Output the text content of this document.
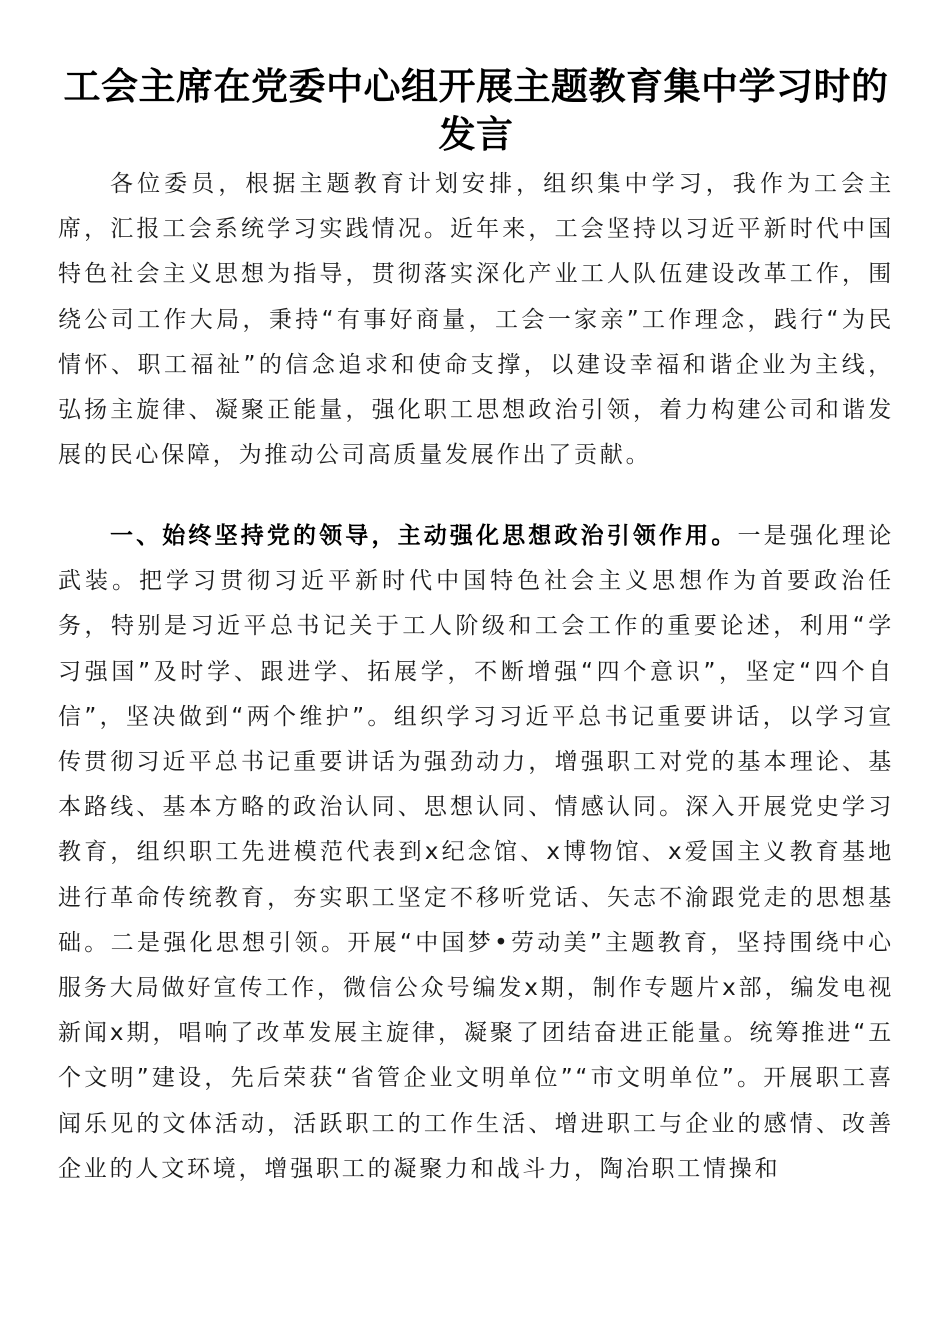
工会主席在党委中心组开展主题教育集中学习时的发言

各位委员，根据主题教育计划安排，组织集中学习，我作为工会主席，汇报工会系统学习实践情况。近年来，工会坚持以习近平新时代中国特色社会主义思想为指导，贯彻落实深化产业工人队伍建设改革工作，围绕公司工作大局，秉持“有事好商量，工会一家亲”工作理念，践行“为民情怀、职工福祉”的信念追求和使命支撑，以建设幸福和谐企业为主线，弘扬主旋律、凝聚正能量，强化职工思想政治引领，着力构建公司和谐发展的民心保障，为推动公司高质量发展作出了贡献。

一、始终坚持党的领导，主动强化思想政治引领作用。一是强化理论武装。把学习贯彻习近平新时代中国特色社会主义思想作为首要政治任务，特别是习近平总书记关于工人阶级和工会工作的重要论述，利用“学习强国”及时学、跟进学、拓展学，不断增强“四个意识”，坚定“四个自信”，坚决做到“两个维护”。组织学习习近平总书记重要讲话，以学习宣传贯彻习近平总书记重要讲话为强劲动力，增强职工对党的基本理论、基本路线、基本方略的政治认同、思想认同、情感认同。深入开展党史学习教育，组织职工先进模范代表到x纪念馆、x博物馆、x爱国主义教育基地进行革命传统教育，夯实职工坚定不移听党话、矢志不渝跟党走的思想基础。二是强化思想引领。开展“中国梦•劳动美”主题教育，坚持围绕中心服务大局做好宣传工作，微信公众号编发x期，制作专题片x部，编发电视新闻x期，唱响了改革发展主旋律，凝聚了团结奋进正能量。统筹推进“五个文明”建设，先后荣获“省管企业文明单位”“市文明单位”。开展职工喜闻乐见的文体活动，活跃职工的工作生活、增进职工与企业的感情、改善企业的人文环境，增强职工的凝聚力和战斗力，陶冶职工情操和
